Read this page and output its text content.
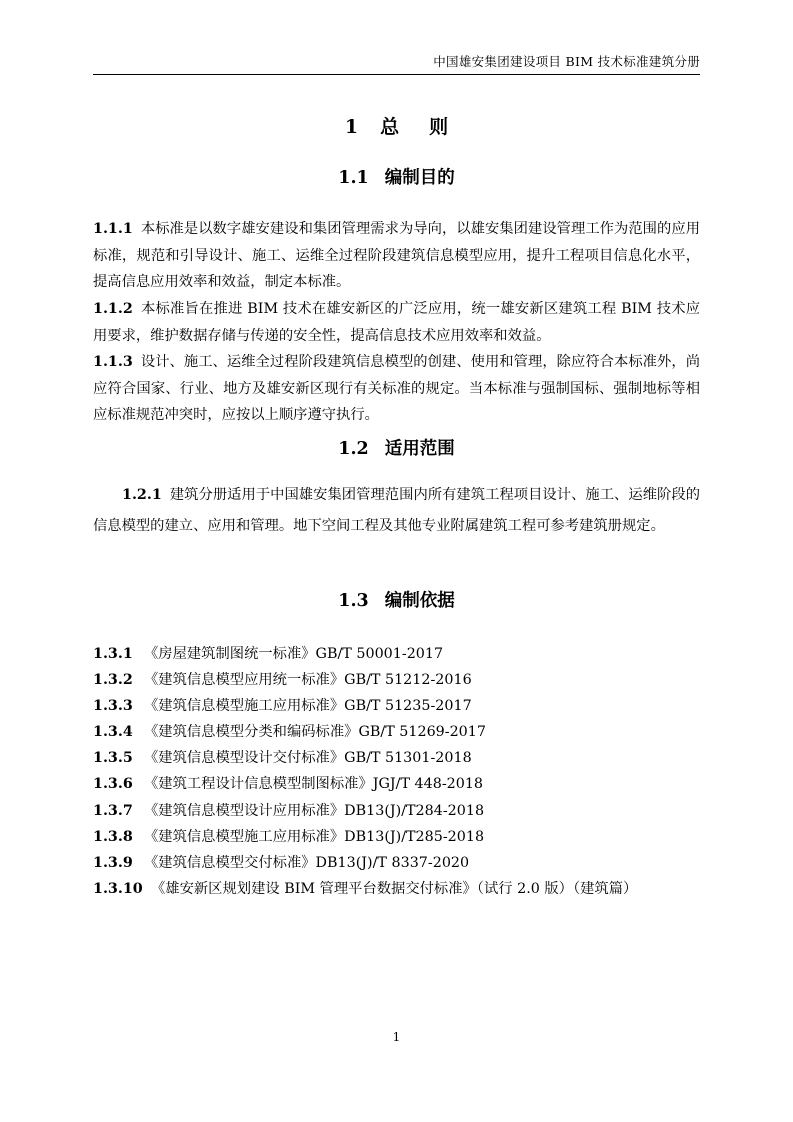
中国雄安集团建设项目 BIM 技术标准建筑分册
1 总则
1.1 编制目的

1.1.1 本标准是以数字雄安建设和集团管理需求为导向，以雄安集团建设管理工作为范围的应用标准，规范和引导设计、施工、运维全过程阶段建筑信息模型应用，提升工程项目信息化水平，提高信息应用效率和效益，制定本标准。

1.1.2 本标准旨在推进 BIM 技术在雄安新区的广泛应用，统一雄安新区建筑工程 BIM 技术应用要求，维护数据存储与传递的安全性，提高信息技术应用效率和效益。

1.1.3 设计、施工、运维全过程阶段建筑信息模型的创建、使用和管理，除应符合本标准外，尚应符合国家、行业、地方及雄安新区现行有关标准的规定。当本标准与强制国标、强制地标等相应标准规范冲突时，应按以上顺序遵守执行。

1.2 适用范围

1.2.1 建筑分册适用于中国雄安集团管理范围内所有建筑工程项目设计、施工、运维阶段的信息模型的建立、应用和管理。地下空间工程及其他专业附属建筑工程可参考建筑册规定。

1.3 编制依据
1.3.1 《房屋建筑制图统一标准》GB/T 50001-2017
1.3.2 《建筑信息模型应用统一标准》GB/T 51212-2016
1.3.3 《建筑信息模型施工应用标准》GB/T 51235-2017
1.3.4 《建筑信息模型分类和编码标准》GB/T 51269-2017
1.3.5 《建筑信息模型设计交付标准》GB/T 51301-2018
1.3.6 《建筑工程设计信息模型制图标准》JGJ/T 448-2018
1.3.7 《建筑信息模型设计应用标准》DB13(J)/T284-2018
1.3.8 《建筑信息模型施工应用标准》DB13(J)/T285-2018
1.3.9 《建筑信息模型交付标准》DB13(J)/T 8337-2020
1.3.10 《雄安新区规划建设 BIM 管理平台数据交付标准》（试行 2.0 版）（建筑篇）
1
